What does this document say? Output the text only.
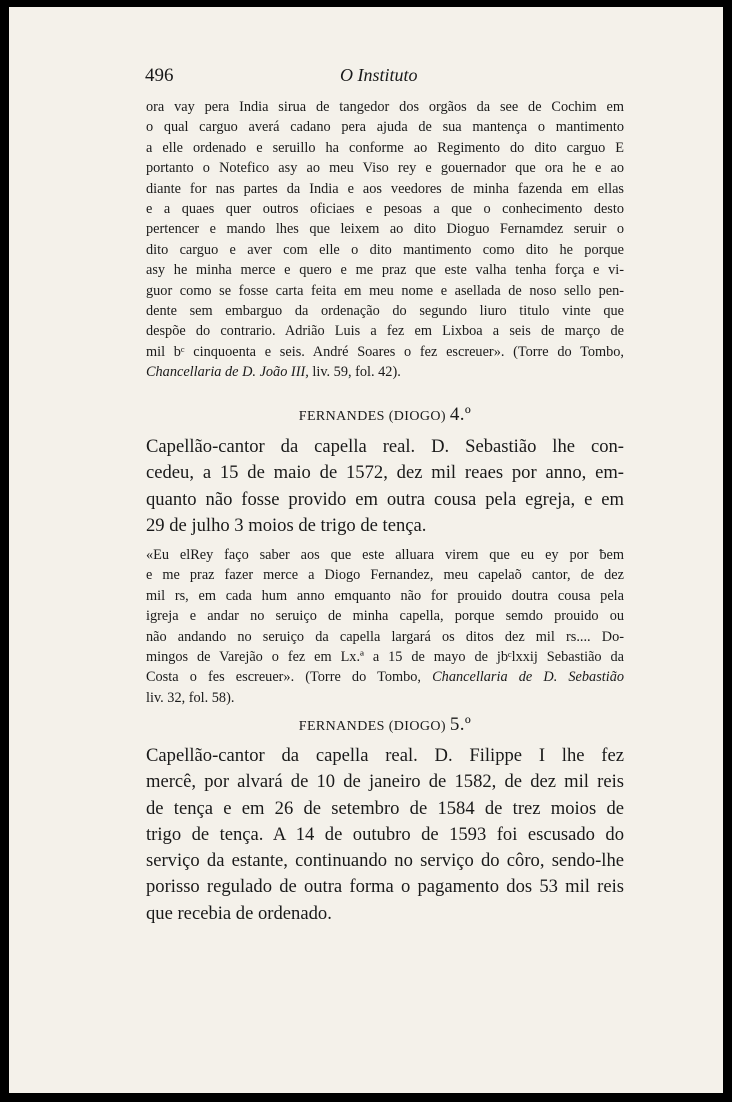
496	O Instituto
ora vay pera India sirua de tangedor dos orgãos da see de Cochim em
o qual carguo averá cadano pera ajuda de sua mantença o mantimento
a elle ordenado e seruillo ha conforme ao Regimento do dito carguo E
portanto o Notefico asy ao meu Viso rey e gouernador que ora he e ao
diante for nas partes da India e aos veedores de minha fazenda em ellas
e a quaes quer outros oficiaes e pesoas a que o conhecimento desto
pertencer e mando lhes que leixem ao dito Dioguo Fernamdez seruir o
dito carguo e aver com elle o dito mantimento como dito he porque
asy he minha merce e quero e me praz que este valha tenha força e vi-
guor como se fosse carta feita em meu nome e asellada de noso sello pen-
dente sem embarguo da ordenação do segundo liuro titulo vinte que
despõe do contrario. Adrião Luis a fez em Lixboa a seis de março de
mil bᶜ cinquoenta e seis. André Soares o fez escreuer». (Torre do Tombo,
Chancellaria de D. João III, liv. 59, fol. 42).
FERNANDES (DIOGO) 4.º
Capellão-cantor da capella real. D. Sebastião lhe con-
cedeu, a 15 de maio de 1572, dez mil reaes por anno, em-
quanto não fosse provido em outra cousa pela egreja, e em
29 de julho 3 moios de trigo de tença.
«Eu elRey faço saber aos que este alluara virem que eu ey por ƀem
e me praz fazer merce a Diogo Fernandez, meu capelaõ cantor, de dez
mil rs, em cada hum anno emquanto não for prouido doutra cousa pela
igreja e andar no seruiço de minha capella, porque semdo prouido ou
não andando no seruiço da capella largará os ditos dez mil rs.... Do-
mingos de Varejão o fez em Lx.ª a 15 de mayo de jbᶜlxxij Sebastião da
Costa o fes escreuer». (Torre do Tombo, Chancellaria de D. Sebastião
liv. 32, fol. 58).
FERNANDES (DIOGO) 5.º
Capellão-cantor da capella real. D. Filippe I lhe fez
mercê, por alvará de 10 de janeiro de 1582, de dez mil reis
de tença e em 26 de setembro de 1584 de trez moios de
trigo de tença. A 14 de outubro de 1593 foi escusado do
serviço da estante, continuando no serviço do côro, sendo-lhe
porisso regulado de outra forma o pagamento dos 53 mil reis
que recebia de ordenado.
